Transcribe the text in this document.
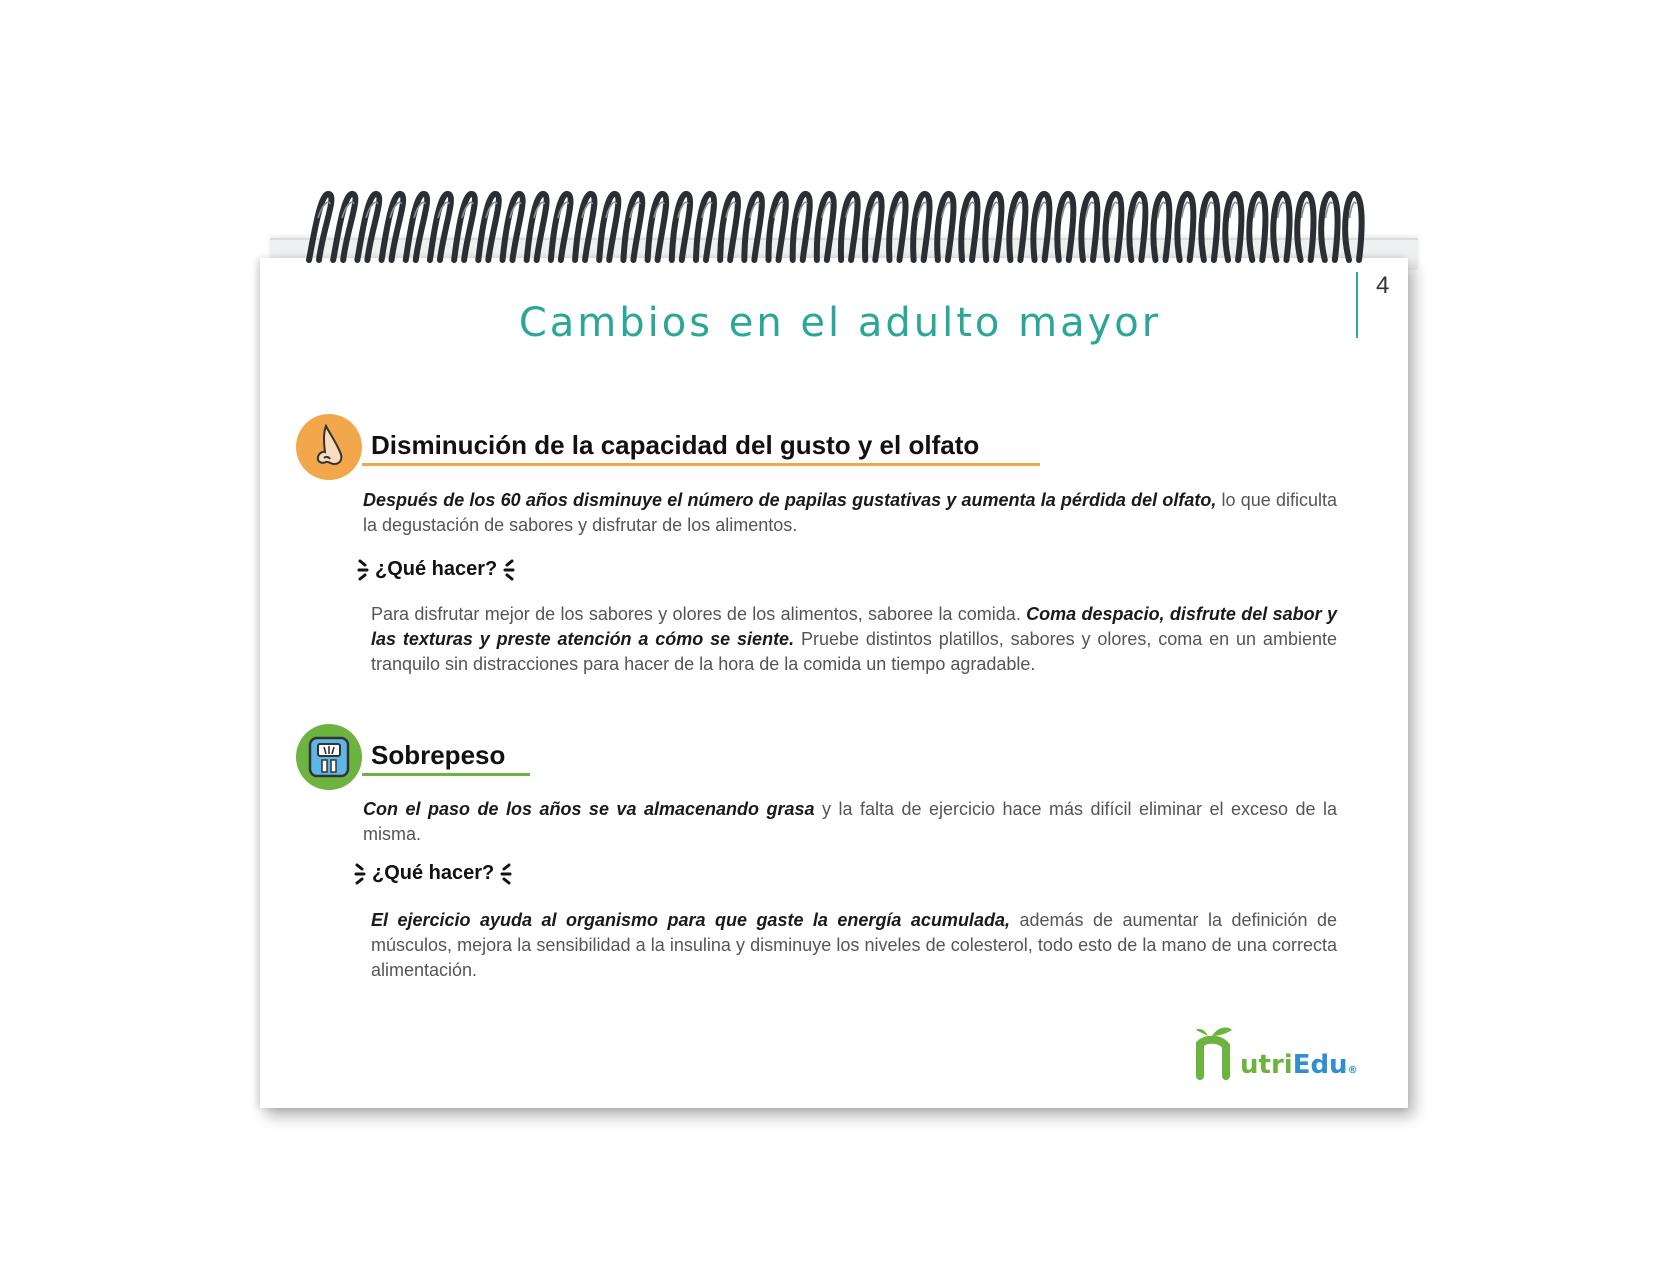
4
Cambios en el adulto mayor
Disminución de la capacidad del gusto y el olfato

Después de los 60 años disminuye el número de papilas gustativas y aumenta la pérdida del olfato, lo que dificulta la degustación de sabores y disfrutar de los alimentos.

¿Qué hacer?

Para disfrutar mejor de los sabores y olores de los alimentos, saboree la comida. Coma despacio, disfrute del sabor y las texturas y preste atención a cómo se siente. Pruebe distintos platillos, sabores y olores, coma en un ambiente tranquilo sin distracciones para hacer de la hora de la comida un tiempo agradable.

Sobrepeso

Con el paso de los años se va almacenando grasa y la falta de ejercicio hace más difícil eliminar el exceso de la misma.

¿Qué hacer?

El ejercicio ayuda al organismo para que gaste la energía acumulada, además de aumentar la definición de músculos, mejora la sensibilidad a la insulina y disminuye los niveles de colesterol, todo esto de la mano de una correcta alimentación.

utriEdu®
